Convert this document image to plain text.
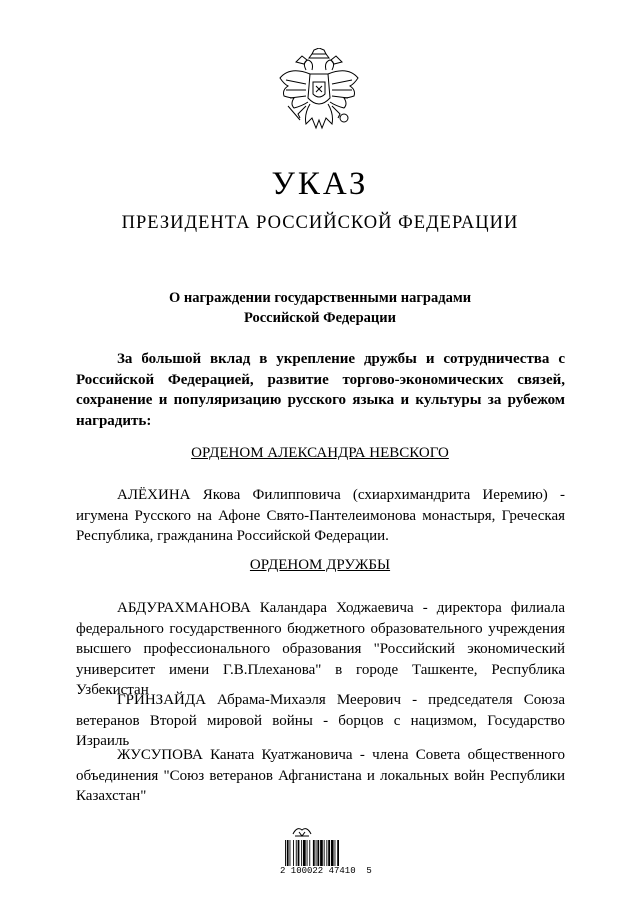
УКАЗ
ПРЕЗИДЕНТА РОССИЙСКОЙ ФЕДЕРАЦИИ
О награждении государственными наградами
Российской Федерации
За большой вклад в укрепление дружбы и сотрудничества с Российской Федерацией, развитие торгово-экономических связей, сохранение и популяризацию русского языка и культуры за рубежом наградить:
ОРДЕНОМ АЛЕКСАНДРА НЕВСКОГО
АЛЁХИНА Якова Филипповича (схиархимандрита Иеремию) - игумена Русского на Афоне Свято-Пантелеимонова монастыря, Греческая Республика, гражданина Российской Федерации.
ОРДЕНОМ ДРУЖБЫ
АБДУРАХМАНОВА Каландара Ходжаевича - директора филиала федерального государственного бюджетного образовательного учреждения высшего профессионального образования "Российский экономический университет имени Г.В.Плеханова" в городе Ташкенте, Республика Узбекистан
ГРИНЗАЙДА Абрама-Михаэля Меерович - председателя Союза ветеранов Второй мировой войны - борцов с нацизмом, Государство Израиль
ЖУСУПОВА Каната Куатжановича - члена Совета общественного объединения "Союз ветеранов Афганистана и локальных войн Республики Казахстан"
2 100022 47410  5
